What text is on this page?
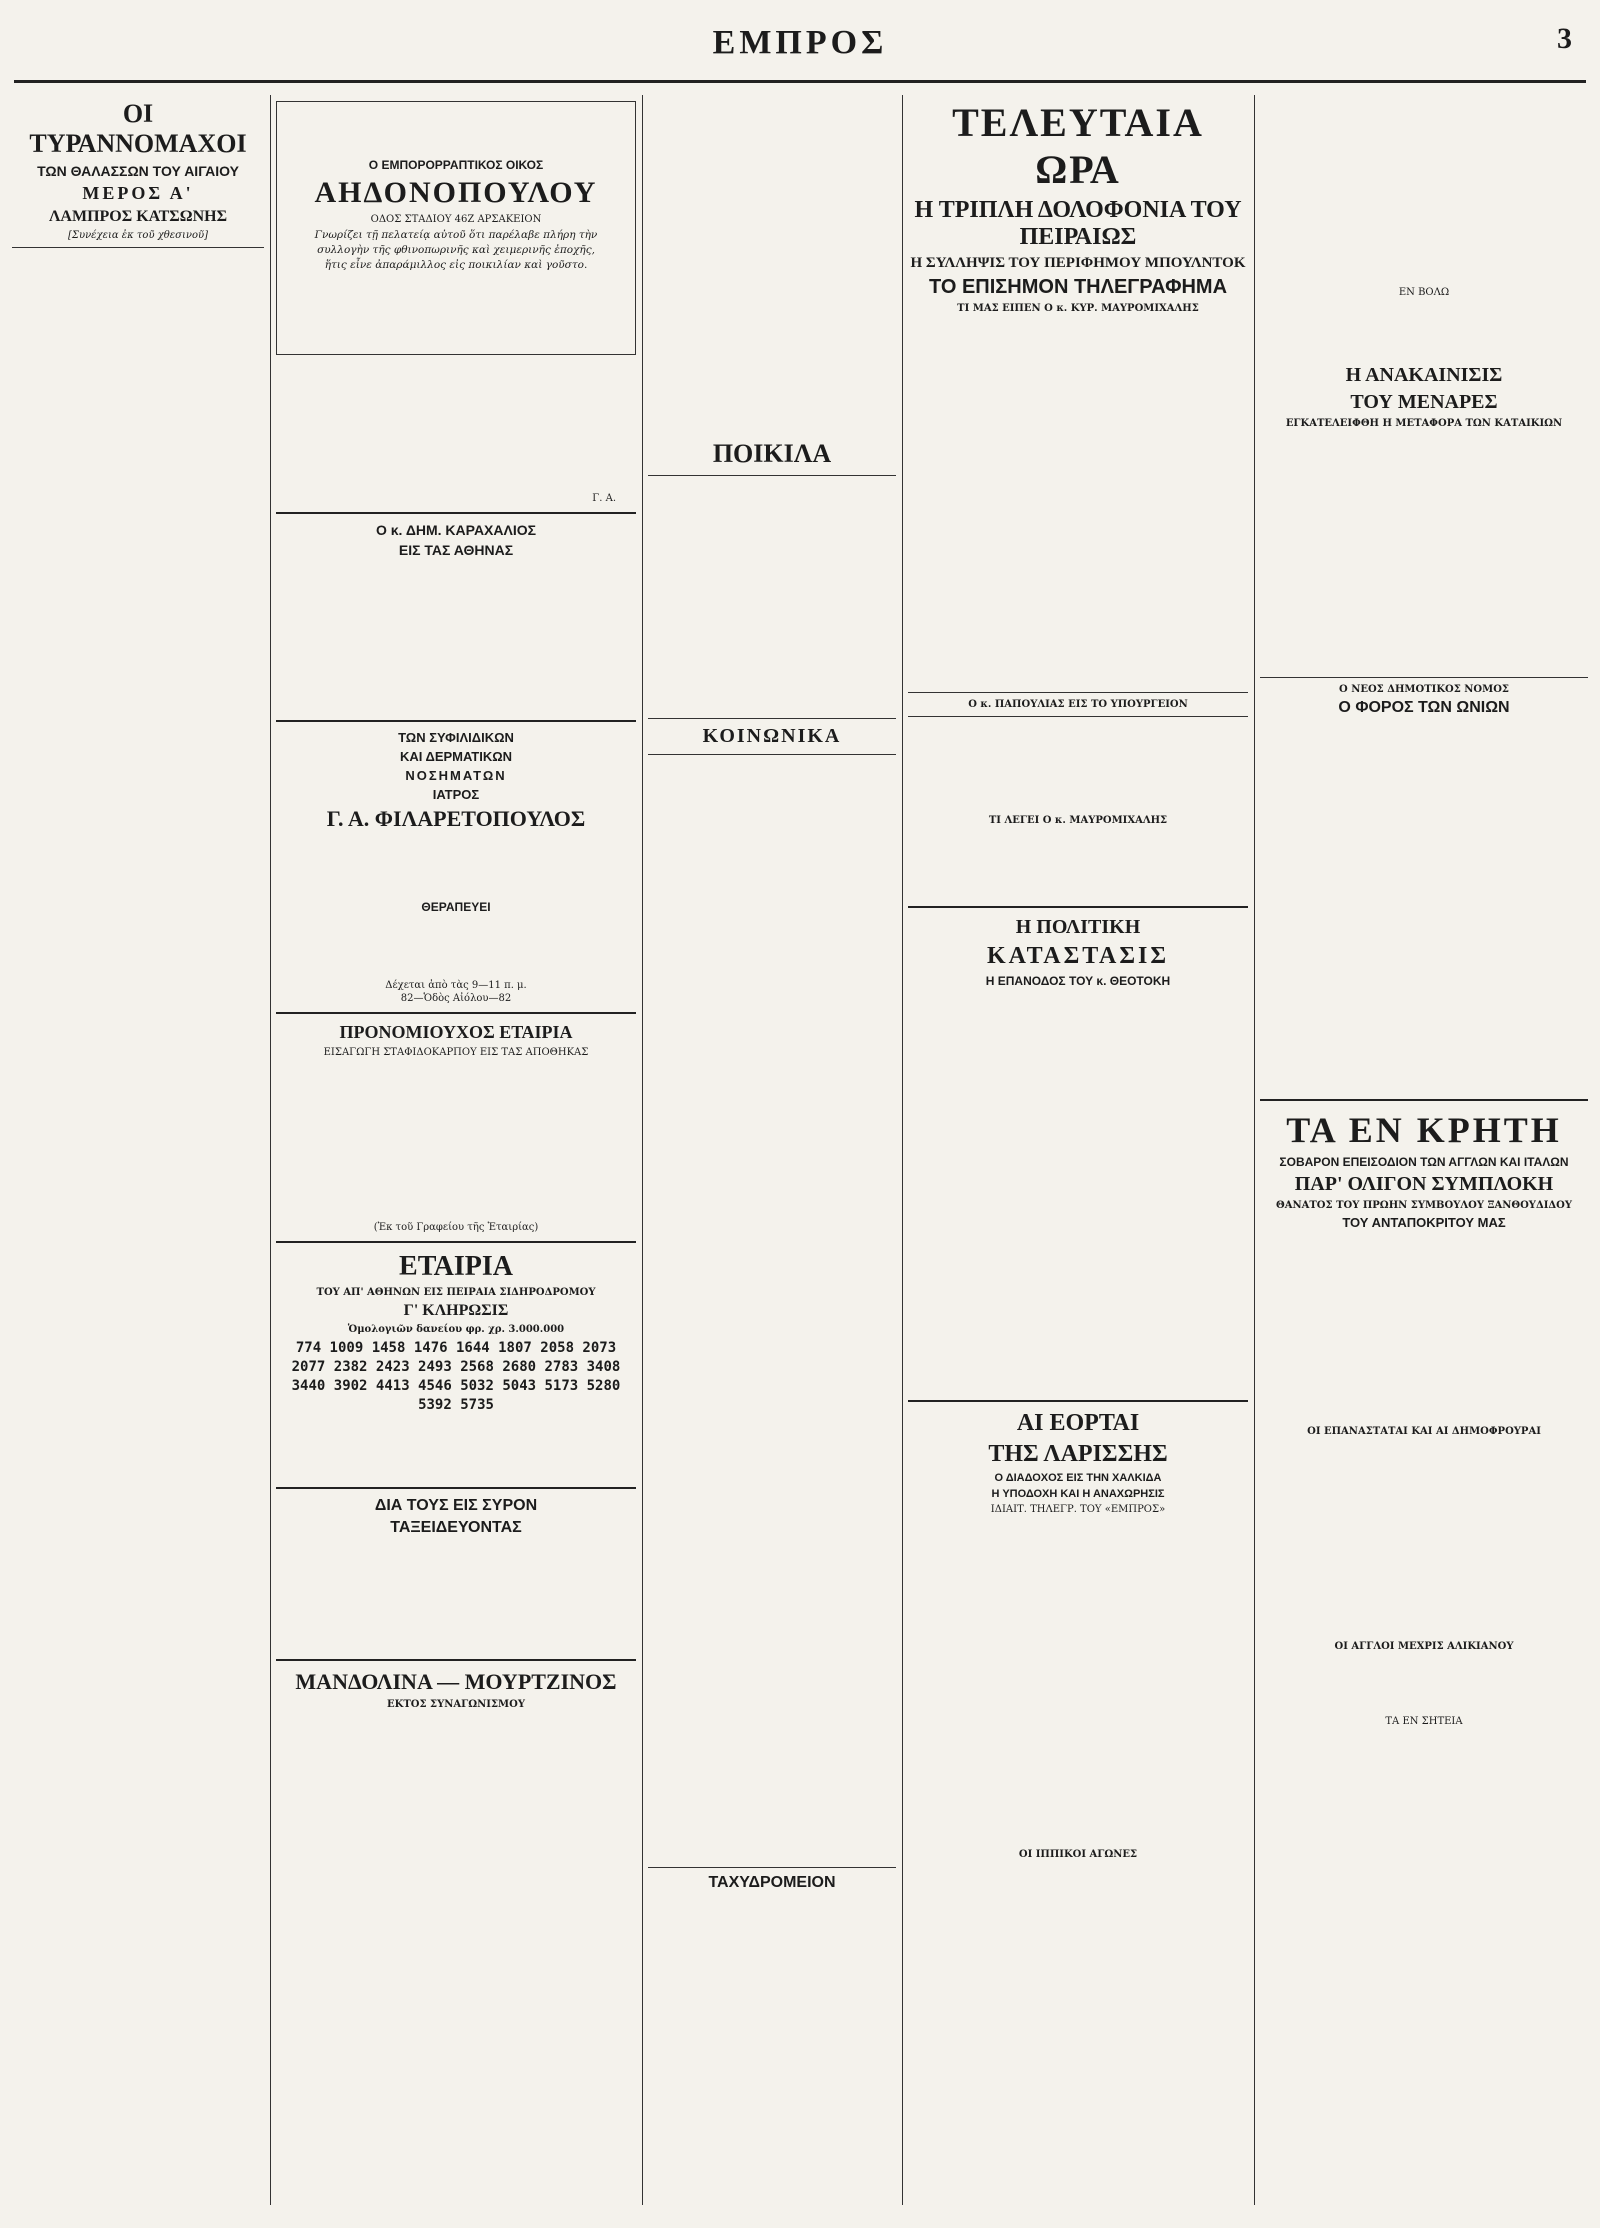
ΕΜΠΡΟΣ	3
ΟΙ ΤΥΡΑΝΝΟΜΑΧΟΙ
ΤΩΝ ΘΑΛΑΣΣΩΝ ΤΟΥ ΑΙΓΑΙΟΥ
ΜΕΡΟΣ Α'
ΛΑΜΠΡΟΣ ΚΑΤΣΩΝΗΣ
[Συνέχεια ἐκ τοῦ χθεσινοῦ]
Ο ΕΜΠΟΡΟΡΡΑΠΤΙΚΟΣ ΟΙΚΟΣ
ΑΗΔΟΝΟΠΟΥΛΟΥ
ΟΔΟΣ ΣΤΑΔΙΟΥ 46Ζ ΑΡΣΑΚΕΙΟΝ
Γνωρίζει τῇ πελατείᾳ αὐτοῦ ὅτι παρέλαβε πλήρη τὴν συλλογὴν τῆς φθινοπωρινῆς καὶ χειμερινῆς ἐποχῆς, ἥτις εἶνε ἀπαράμιλλος εἰς ποικιλίαν καὶ γοῦστο.
Γ. Α.
Ο κ. ΔΗΜ. ΚΑΡΑΧΑΛΙΟΣ
ΕΙΣ ΤΑΣ ΑΘΗΝΑΣ
ΤΩΝ ΣΥΦΙΛΙΔΙΚΩΝ
ΚΑΙ ΔΕΡΜΑΤΙΚΩΝ
ΝΟΣΗΜΑΤΩΝ
ΙΑΤΡΟΣ
Γ. Α. ΦΙΛΑΡΕΤΟΠΟΥΛΟΣ
ΘΕΡΑΠΕΥΕΙ
Δέχεται ἀπὸ τὰς 9—11 π. μ.
82—Ὁδὸς Αἰόλου—82
ΠΡΟΝΟΜΙΟΥΧΟΣ ΕΤΑΙΡΙΑ
ΕΙΣΑΓΩΓΗ ΣΤΑΦΙΔΟΚΑΡΠΟΥ ΕΙΣ ΤΑΣ ΑΠΟΘΗΚΑΣ
(Ἐκ τοῦ Γραφείου τῆς Ἑταιρίας)
ΕΤΑΙΡΙΑ
ΤΟΥ ΑΠ' ΑΘΗΝΩΝ ΕΙΣ ΠΕΙΡΑΙΑ ΣΙΔΗΡΟΔΡΟΜΟΥ
Γ' ΚΛΗΡΩΣΙΣ
Ὁμολογιῶν δανείου φρ. χρ. 3.000.000
774 1009 1458 1476 1644 1807 2058 2073 2077 2382 2423 2493 2568 2680 2783 3408 3440 3902 4413 4546 5032 5043 5173 5280 5392 5735
ΔΙΑ ΤΟΥΣ ΕΙΣ ΣΥΡΟΝ
ΤΑΞΕΙΔΕΥΟΝΤΑΣ
ΜΑΝΔΟΛΙΝΑ — ΜΟΥΡΤΖΙΝΟΣ
ΕΚΤΟΣ ΣΥΝΑΓΩΝΙΣΜΟΥ
ΠΟΙΚΙΛΑ
ΚΟΙΝΩΝΙΚΑ
ΤΑΧΥΔΡΟΜΕΙΟΝ
ΤΕΛΕΥΤΑΙΑ ΩΡΑ
Η ΤΡΙΠΛΗ ΔΟΛΟΦΟΝΙΑ ΤΟΥ ΠΕΙΡΑΙΩΣ
Η ΣΥΛΛΗΨΙΣ ΤΟΥ ΠΕΡΙΦΗΜΟΥ ΜΠΟΥΛΝΤΟΚ
ΤΟ ΕΠΙΣΗΜΟΝ ΤΗΛΕΓΡΑΦΗΜΑ
ΤΙ ΜΑΣ ΕΙΠΕΝ Ο κ. ΚΥΡ. ΜΑΥΡΟΜΙΧΑΛΗΣ
Ο κ. ΠΑΠΟΥΛΙΑΣ ΕΙΣ ΤΟ ΥΠΟΥΡΓΕΙΟΝ
ΤΙ ΛΕΓΕΙ Ο κ. ΜΑΥΡΟΜΙΧΑΛΗΣ
Η ΠΟΛΙΤΙΚΗ
ΚΑΤΑΣΤΑΣΙΣ
Η ΕΠΑΝΟΔΟΣ ΤΟΥ κ. ΘΕΟΤΟΚΗ
ΑΙ ΕΟΡΤΑΙ
ΤΗΣ ΛΑΡΙΣΣΗΣ
Ο ΔΙΑΔΟΧΟΣ ΕΙΣ ΤΗΝ ΧΑΛΚΙΔΑ
Η ΥΠΟΔΟΧΗ ΚΑΙ Η ΑΝΑΧΩΡΗΣΙΣ
ΙΔΙΑΙΤ. ΤΗΛΕΓΡ. ΤΟΥ «ΕΜΠΡΟΣ»
ΟΙ ΙΠΠΙΚΟΙ ΑΓΩΝΕΣ
ΕΝ ΒΟΛΩ
Η ΑΝΑΚΑΙΝΙΣΙΣ
ΤΟΥ ΜΕΝΑΡΕΣ
ΕΓΚΑΤΕΛΕΙΦΘΗ Η ΜΕΤΑΦΟΡΑ ΤΩΝ ΚΑΤΑΙΚΙΩΝ
Ο ΝΕΟΣ ΔΗΜΟΤΙΚΟΣ ΝΟΜΟΣ
Ο ΦΟΡΟΣ ΤΩΝ ΩΝΙΩΝ
ΤΑ ΕΝ ΚΡΗΤΗ
ΣΟΒΑΡΟΝ ΕΠΕΙΣΟΔΙΟΝ ΤΩΝ ΑΓΓΛΩΝ ΚΑΙ ΙΤΑΛΩΝ
ΠΑΡ' ΟΛΙΓΟΝ ΣΥΜΠΛΟΚΗ
ΘΑΝΑΤΟΣ ΤΟΥ ΠΡΩΗΝ ΣΥΜΒΟΥΛΟΥ ΞΑΝΘΟΥΔΙΔΟΥ
ΤΟΥ ΑΝΤΑΠΟΚΡΙΤΟΥ ΜΑΣ
ΟΙ ΕΠΑΝΑΣΤΑΤΑΙ ΚΑΙ ΑΙ ΔΗΜΟΦΡΟΥΡΑΙ
ΟΙ ΑΓΓΛΟΙ ΜΕΧΡΙΣ ΑΛΙΚΙΑΝΟΥ
ΤΑ ΕΝ ΣΗΤΕΙΑ
